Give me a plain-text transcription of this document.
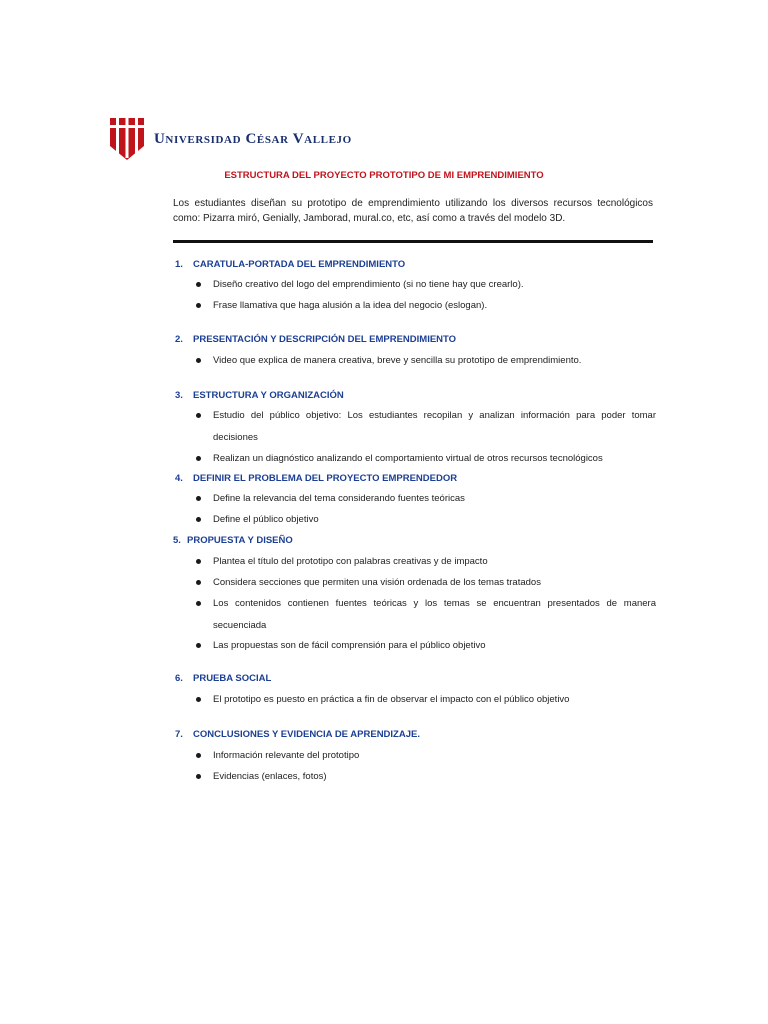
Universidad César Vallejo
ESTRUCTURA DEL PROYECTO PROTOTIPO DE MI EMPRENDIMIENTO
Los estudiantes diseñan su prototipo de emprendimiento utilizando los diversos recursos tecnológicos como: Pizarra miró, Genially, Jamborad, mural.co, etc, así como a través del modelo 3D.
1. CARATULA-PORTADA DEL EMPRENDIMIENTO
Diseño creativo del logo del emprendimiento (si no tiene hay que crearlo).
Frase llamativa que haga alusión a la idea del negocio (eslogan).
2. PRESENTACIÓN Y DESCRIPCIÓN DEL EMPRENDIMIENTO
Video que explica de manera creativa, breve y sencilla su prototipo de emprendimiento.
3. ESTRUCTURA Y ORGANIZACIÓN
Estudio del público objetivo: Los estudiantes recopilan y analizan información para poder tomar decisiones
Realizan un diagnóstico analizando el comportamiento virtual de otros recursos tecnológicos
4. DEFINIR EL PROBLEMA DEL PROYECTO EMPRENDEDOR
Define la relevancia del tema considerando fuentes teóricas
Define el público objetivo
5. PROPUESTA Y DISEÑO
Plantea el título del prototipo con palabras creativas y de impacto
Considera secciones que permiten una visión ordenada de los temas tratados
Los contenidos contienen fuentes teóricas y los temas se encuentran presentados de manera secuenciada
Las propuestas son de fácil comprensión para el público objetivo
6. PRUEBA SOCIAL
El prototipo es puesto en práctica a fin de observar el impacto con el público objetivo
7. CONCLUSIONES Y EVIDENCIA DE APRENDIZAJE.
Información relevante del prototipo
Evidencias (enlaces, fotos)
